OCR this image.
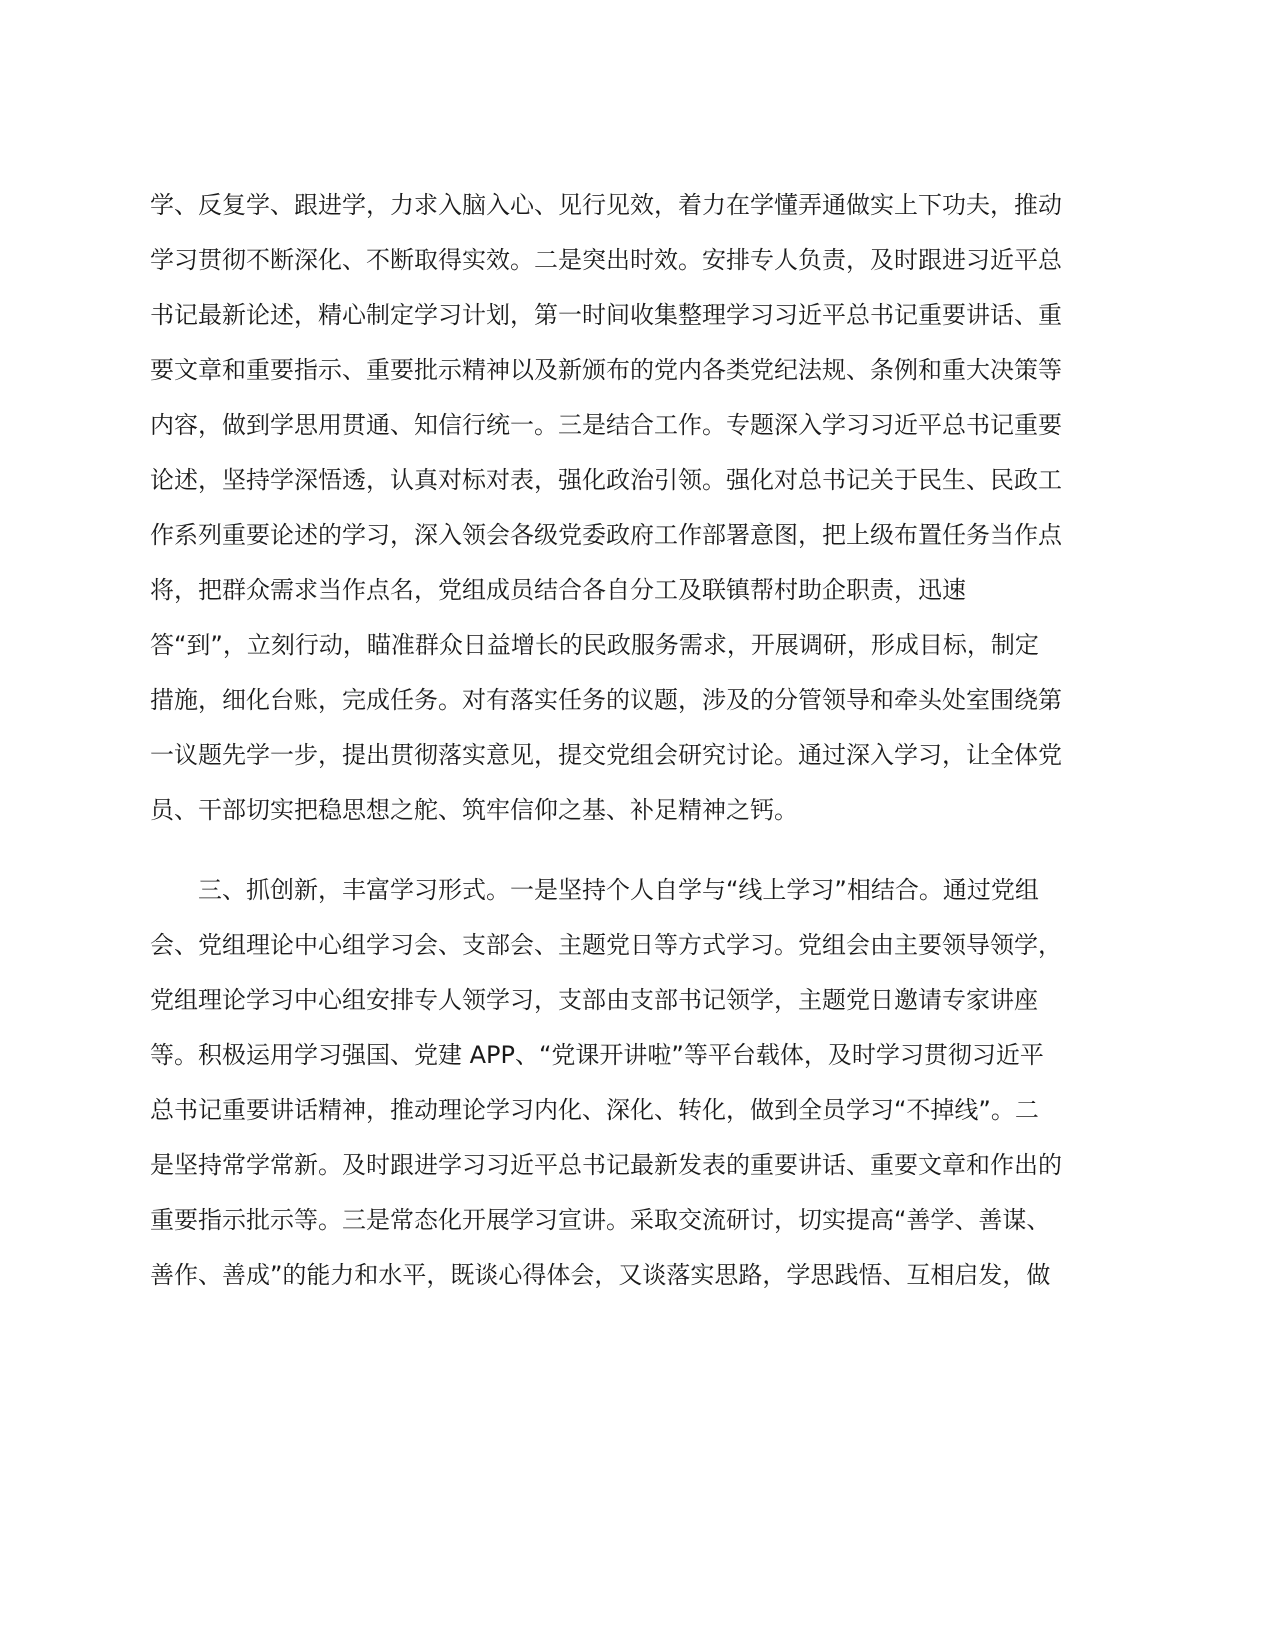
学、反复学、跟进学，力求入脑入心、见行见效，着力在学懂弄通做实上下功夫，推动
学习贯彻不断深化、不断取得实效。二是突出时效。安排专人负责，及时跟进习近平总
书记最新论述，精心制定学习计划，第一时间收集整理学习习近平总书记重要讲话、重
要文章和重要指示、重要批示精神以及新颁布的党内各类党纪法规、条例和重大决策等
内容，做到学思用贯通、知信行统一。三是结合工作。专题深入学习习近平总书记重要
论述，坚持学深悟透，认真对标对表，强化政治引领。强化对总书记关于民生、民政工
作系列重要论述的学习，深入领会各级党委政府工作部署意图，把上级布置任务当作点
将，把群众需求当作点名，党组成员结合各自分工及联镇帮村助企职责，迅速
答“到”，立刻行动，瞄准群众日益增长的民政服务需求，开展调研，形成目标，制定
措施，细化台账，完成任务。对有落实任务的议题，涉及的分管领导和牵头处室围绕第
一议题先学一步，提出贯彻落实意见，提交党组会研究讨论。通过深入学习，让全体党
员、干部切实把稳思想之舵、筑牢信仰之基、补足精神之钙。
三、抓创新，丰富学习形式。一是坚持个人自学与“线上学习”相结合。通过党组
会、党组理论中心组学习会、支部会、主题党日等方式学习。党组会由主要领导领学，
党组理论学习中心组安排专人领学习，支部由支部书记领学，主题党日邀请专家讲座
等。积极运用学习强国、党建 APP、“党课开讲啦”等平台载体，及时学习贯彻习近平
总书记重要讲话精神，推动理论学习内化、深化、转化，做到全员学习“不掉线”。二
是坚持常学常新。及时跟进学习习近平总书记最新发表的重要讲话、重要文章和作出的
重要指示批示等。三是常态化开展学习宣讲。采取交流研讨，切实提高“善学、善谋、
善作、善成”的能力和水平，既谈心得体会，又谈落实思路，学思践悟、互相启发，做
